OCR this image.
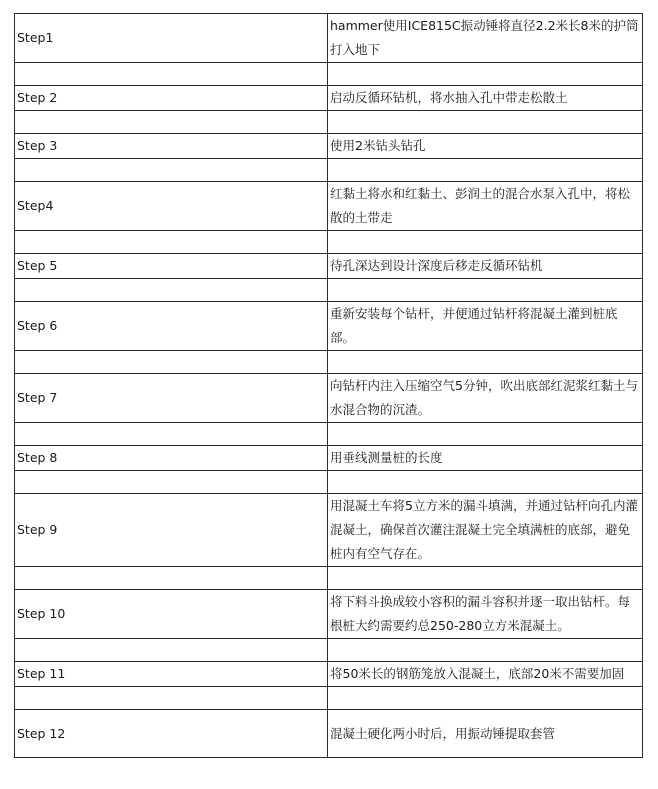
Step1	hammer使用ICE815C振动锤将直径2.2米长8米的护筒打入地下

Step 2	启动反循环钻机，将水抽入孔中带走松散土

Step 3	使用2米钻头钻孔

Step4	红黏土将水和红黏土、彭润土的混合水泵入孔中，将松散的土带走

Step 5	待孔深达到设计深度后移走反循环钻机

Step 6	重新安装每个钻杆，并便通过钻杆将混凝土灌到桩底部。

Step 7	向钻杆内注入压缩空气5分钟，吹出底部红泥浆红黏土与水混合物的沉渣。

Step 8	用垂线测量桩的长度

Step 9	用混凝土车将5立方米的漏斗填满，并通过钻杆向孔内灌混凝土，确保首次灌注混凝土完全填满桩的底部，避免桩内有空气存在。

Step 10	将下料斗换成较小容积的漏斗容积并逐一取出钻杆。每根桩大约需要约总250-280立方米混凝土。

Step 11	将50米长的钢筋笼放入混凝土，底部20米不需要加固

Step 12	混凝土硬化两小时后，用振动锤提取套管
